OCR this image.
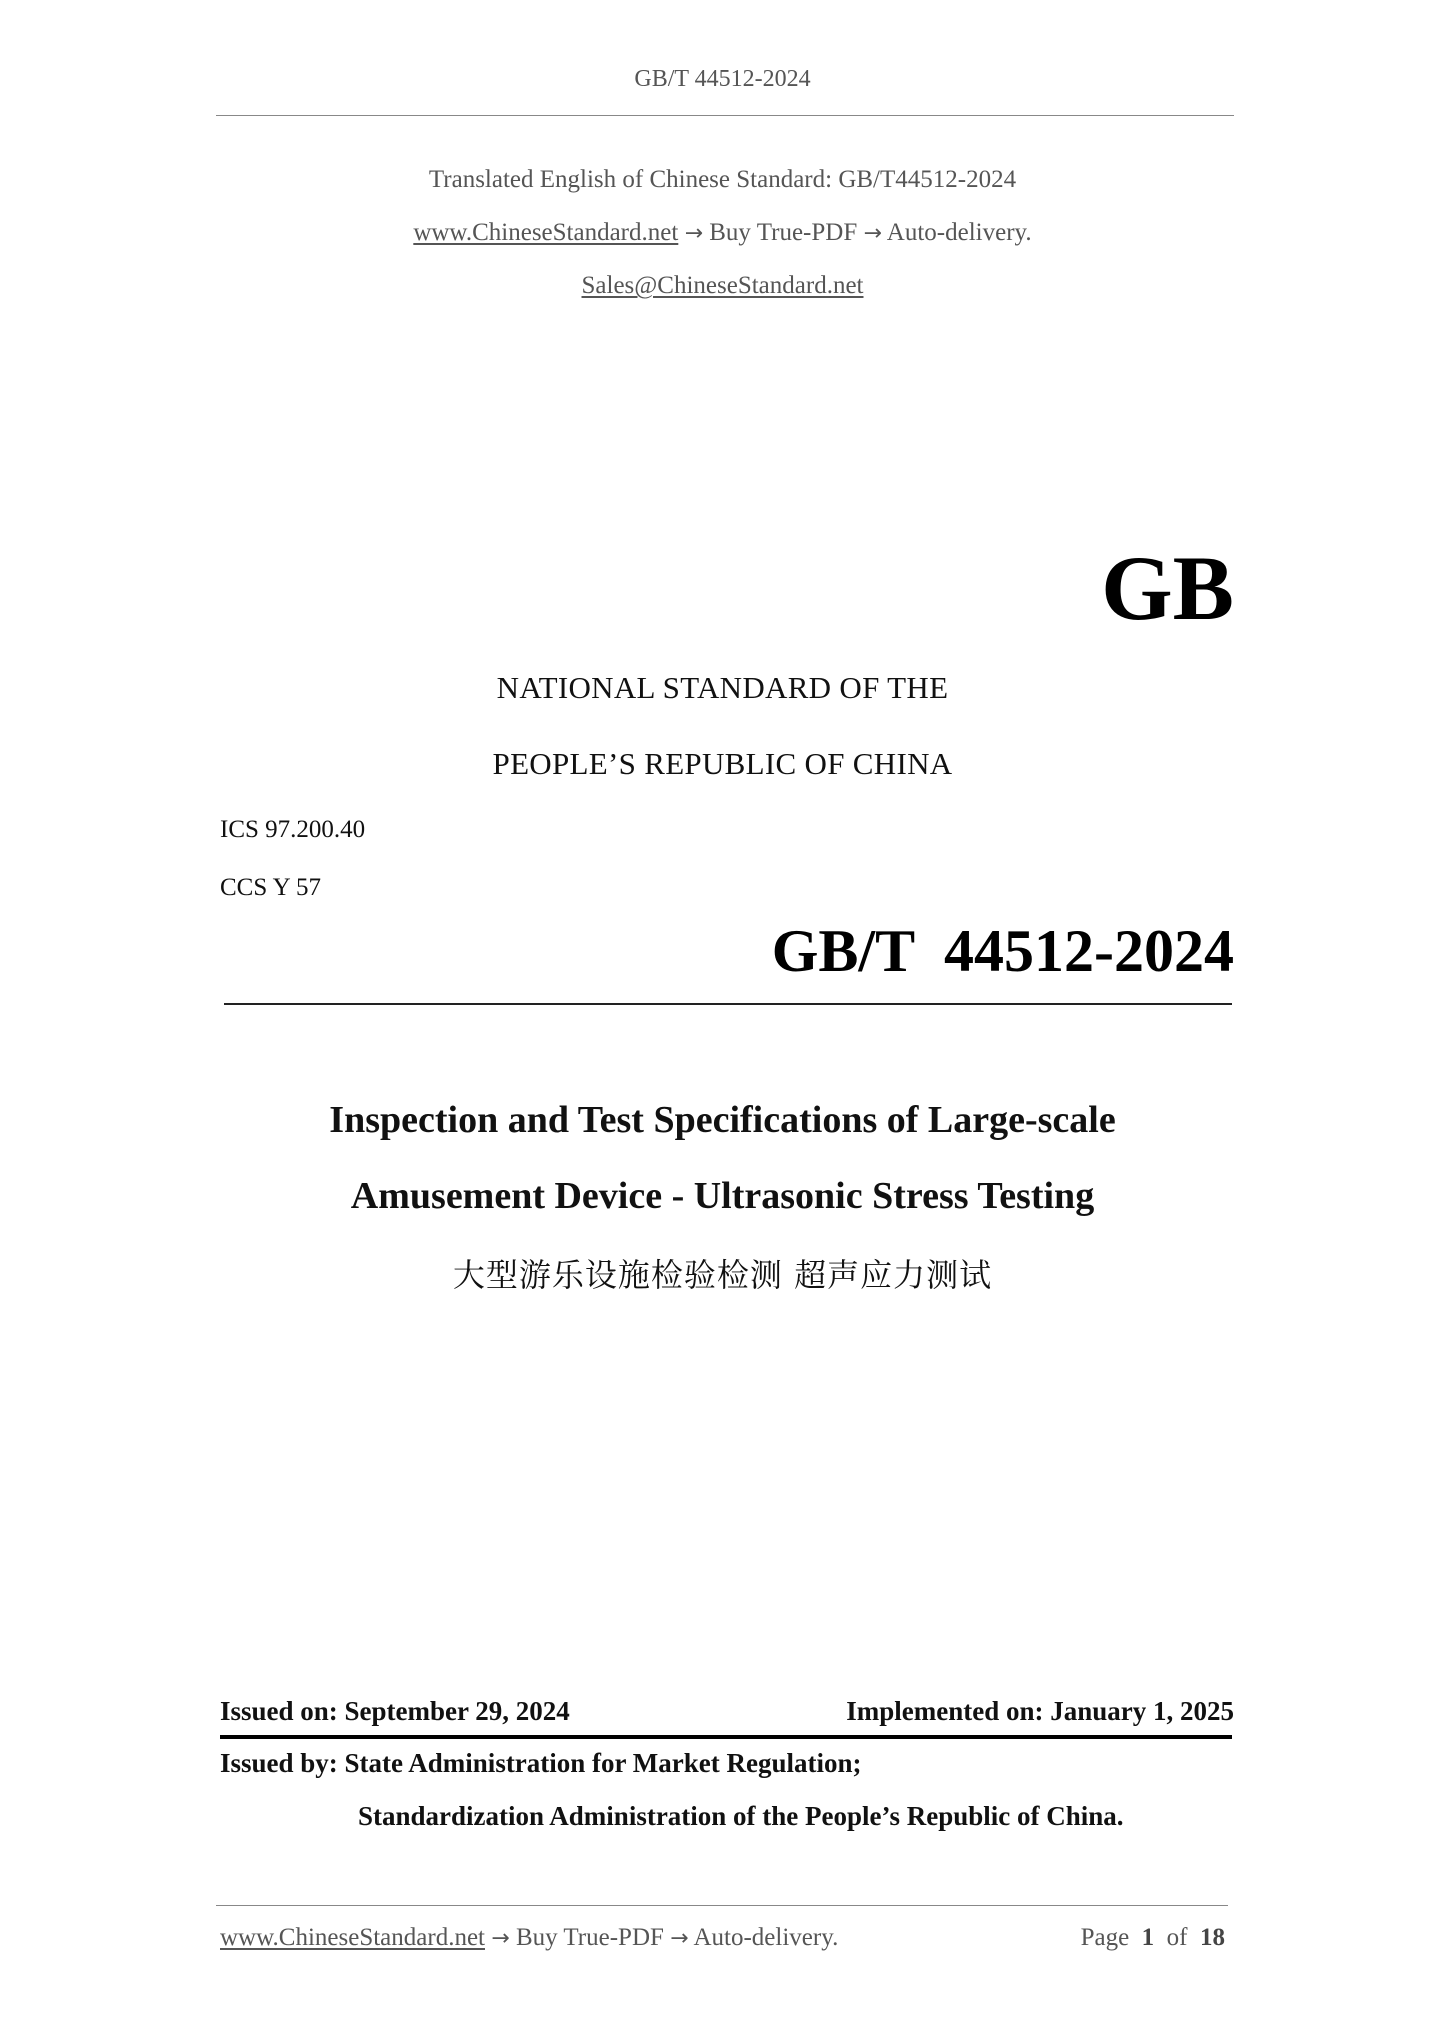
GB/T 44512-2024
Translated English of Chinese Standard: GB/T44512-2024
www.ChineseStandard.net → Buy True-PDF → Auto-delivery.
Sales@ChineseStandard.net
GB
NATIONAL STANDARD OF THE
PEOPLE’S REPUBLIC OF CHINA
ICS 97.200.40
CCS Y 57
GB/T  44512-2024
Inspection and Test Specifications of Large-scale
Amusement Device - Ultrasonic Stress Testing
大型游乐设施检验检测 超声应力测试
Issued on: September 29, 2024	Implemented on: January 1, 2025
Issued by: State Administration for Market Regulation;
Standardization Administration of the People’s Republic of China.
www.ChineseStandard.net → Buy True-PDF → Auto-delivery.	Page 1 of 18
